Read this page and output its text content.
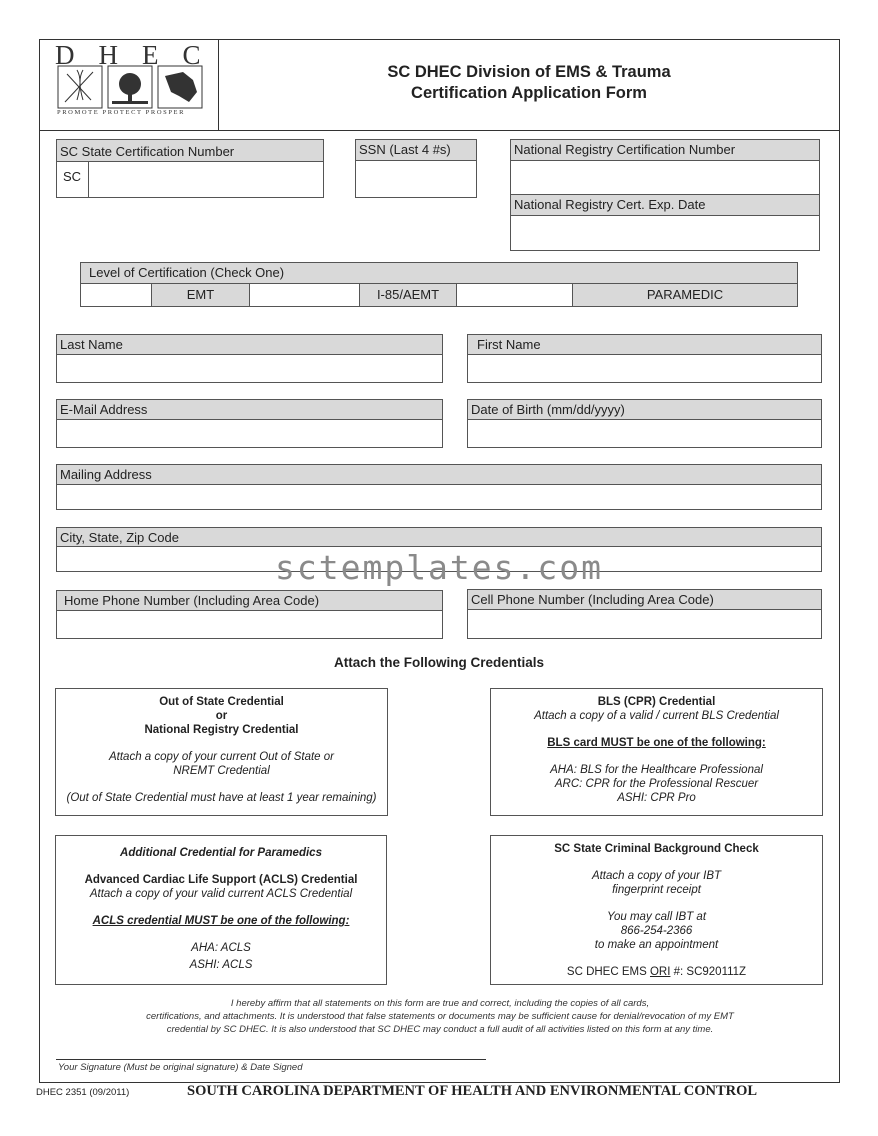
DHEC
PROMOTE PROTECT PROSPER
SC DHEC Division of EMS & Trauma
Certification Application Form
SC State Certification Number
SC
SSN (Last 4 #s)	National Registry Certification Number
National Registry Cert. Exp. Date
Level of Certification (Check One)
EMT	I-85/AEMT	PARAMEDIC
Last Name	First Name
E-Mail Address	Date of Birth (mm/dd/yyyy)
Mailing Address
City, State, Zip Code
Home Phone Number (Including Area Code)	Cell Phone Number (Including Area Code)
sctemplates.com
Attach the Following Credentials
Out of State Credential
or
National Registry Credential
Attach a copy of your current Out of State or
NREMT Credential
(Out of State Credential must have at least 1 year remaining)
BLS (CPR) Credential
Attach a copy of a valid / current BLS Credential
BLS card MUST be one of the following:
AHA: BLS for the Healthcare Professional
ARC: CPR for the Professional Rescuer
ASHI: CPR Pro
Additional Credential for Paramedics
Advanced Cardiac Life Support (ACLS) Credential
Attach a copy of your valid current ACLS Credential
ACLS credential MUST be one of the following:
AHA: ACLS
ASHI: ACLS
SC State Criminal Background Check
Attach a copy of your IBT
fingerprint receipt
You may call IBT at
866-254-2366
to make an appointment
SC DHEC EMS ORI #: SC920111Z
I hereby affirm that all statements on this form are true and correct, including the copies of all cards,
certifications, and attachments. It is understood that false statements or documents may be sufficient cause for denial/revocation of my EMT
credential by SC DHEC. It is also understood that SC DHEC may conduct a full audit of all activities listed on this form at any time.
Your Signature (Must be original signature) & Date Signed
DHEC 2351 (09/2011)	SOUTH CAROLINA DEPARTMENT OF HEALTH AND ENVIRONMENTAL CONTROL
